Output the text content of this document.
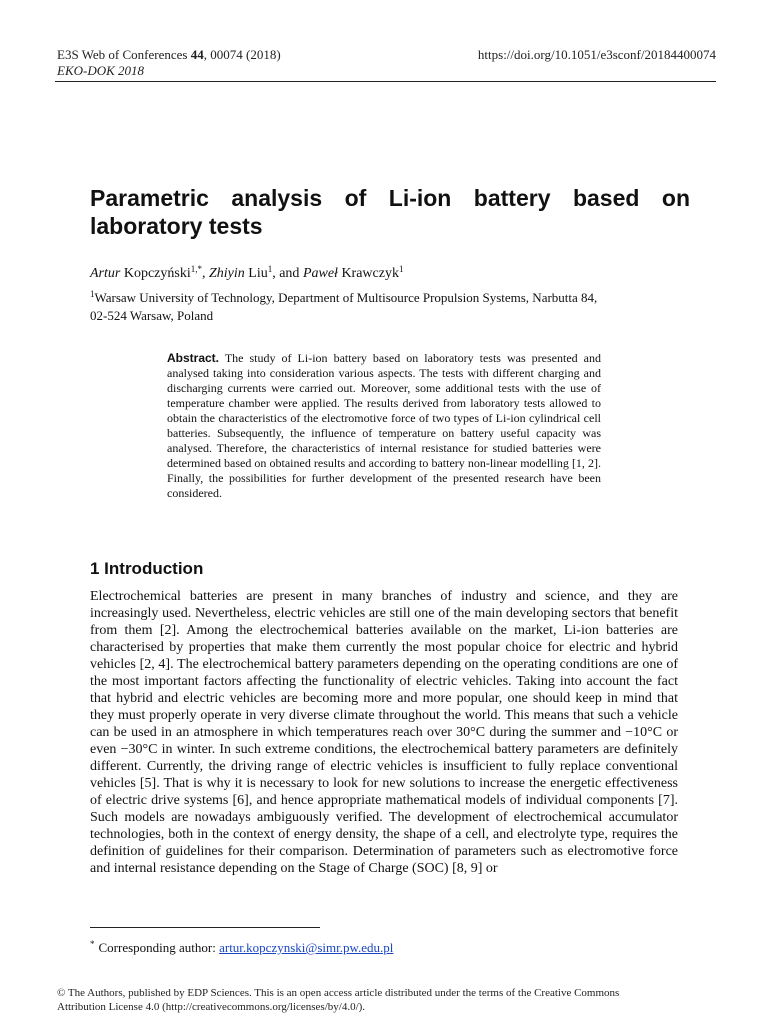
E3S Web of Conferences 44, 00074 (2018)
EKO-DOK 2018
https://doi.org/10.1051/e3sconf/20184400074
Parametric analysis of Li-ion battery based on laboratory tests
Artur Kopczyński$^{1,*}$, Zhiyin Liu$^1$, and Paweł Krawczyk$^1$
$^1$Warsaw University of Technology, Department of Multisource Propulsion Systems, Narbutta 84,
02-524 Warsaw, Poland
Abstract. The study of Li-ion battery based on laboratory tests was presented and analysed taking into consideration various aspects. The tests with different charging and discharging currents were carried out. Moreover, some additional tests with the use of temperature chamber were applied. The results derived from laboratory tests allowed to obtain the characteristics of the electromotive force of two types of Li-ion cylindrical cell batteries. Subsequently, the influence of temperature on battery useful capacity was analysed. Therefore, the characteristics of internal resistance for studied batteries were determined based on obtained results and according to battery non-linear modelling [1, 2]. Finally, the possibilities for further development of the presented research have been considered.
1 Introduction
Electrochemical batteries are present in many branches of industry and science, and they are increasingly used. Nevertheless, electric vehicles are still one of the main developing sectors that benefit from them [2]. Among the electrochemical batteries available on the market, Li-ion batteries are characterised by properties that make them currently the most popular choice for electric and hybrid vehicles [2, 4]. The electrochemical battery parameters depending on the operating conditions are one of the most important factors affecting the functionality of electric vehicles. Taking into account the fact that hybrid and electric vehicles are becoming more and more popular, one should keep in mind that they must properly operate in very diverse climate throughout the world. This means that such a vehicle can be used in an atmosphere in which temperatures reach over 30°C during the summer and −10°C or even −30°C in winter. In such extreme conditions, the electrochemical battery parameters are definitely different. Currently, the driving range of electric vehicles is insufficient to fully replace conventional vehicles [5]. That is why it is necessary to look for new solutions to increase the energetic effectiveness of electric drive systems [6], and hence appropriate mathematical models of individual components [7]. Such models are nowadays ambiguously verified. The development of electrochemical accumulator technologies, both in the context of energy density, the shape of a cell, and electrolyte type, requires the definition of guidelines for their comparison. Determination of parameters such as electromotive force and internal resistance depending on the Stage of Charge (SOC) [8, 9] or
* Corresponding author: artur.kopczynski@simr.pw.edu.pl
© The Authors, published by EDP Sciences. This is an open access article distributed under the terms of the Creative Commons
Attribution License 4.0 (http://creativecommons.org/licenses/by/4.0/).
